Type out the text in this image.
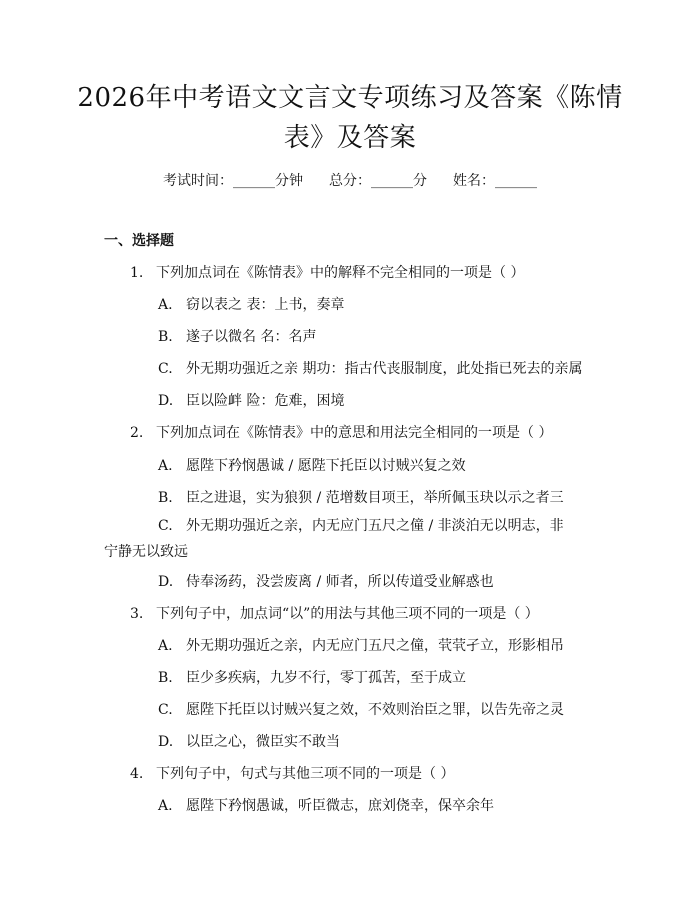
2026年中考语文文言文专项练习及答案《陈情表》及答案
考试时间：______分钟 总分：______分 姓名：______
一、选择题
1. 下列加点词在《陈情表》中的解释不完全相同的一项是（ ）
A. 窃以表之 表：上书，奏章
B. 遂子以微名 名：名声
C. 外无期功强近之亲 期功：指古代丧服制度，此处指已死去的亲属
D. 臣以险衅 险：危难，困境
2. 下列加点词在《陈情表》中的意思和用法完全相同的一项是（ ）
A. 愿陛下矜悯愚诚 / 愿陛下托臣以讨贼兴复之效
B. 臣之进退，实为狼狈 / 范增数目项王，举所佩玉玦以示之者三
C. 外无期功强近之亲，内无应门五尺之僮 / 非淡泊无以明志，非宁静无以致远
D. 侍奉汤药，没尝废离 / 师者，所以传道受业解惑也
3. 下列句子中，加点词“以”的用法与其他三项不同的一项是（ ）
A. 外无期功强近之亲，内无应门五尺之僮，茕茕孑立，形影相吊
B. 臣少多疾病，九岁不行，零丁孤苦，至于成立
C. 愿陛下托臣以讨贼兴复之效，不效则治臣之罪，以告先帝之灵
D. 以臣之心，微臣实不敢当
4. 下列句子中，句式与其他三项不同的一项是（ ）
A. 愿陛下矜悯愚诚，听臣微志，庶刘侥幸，保卒余年
